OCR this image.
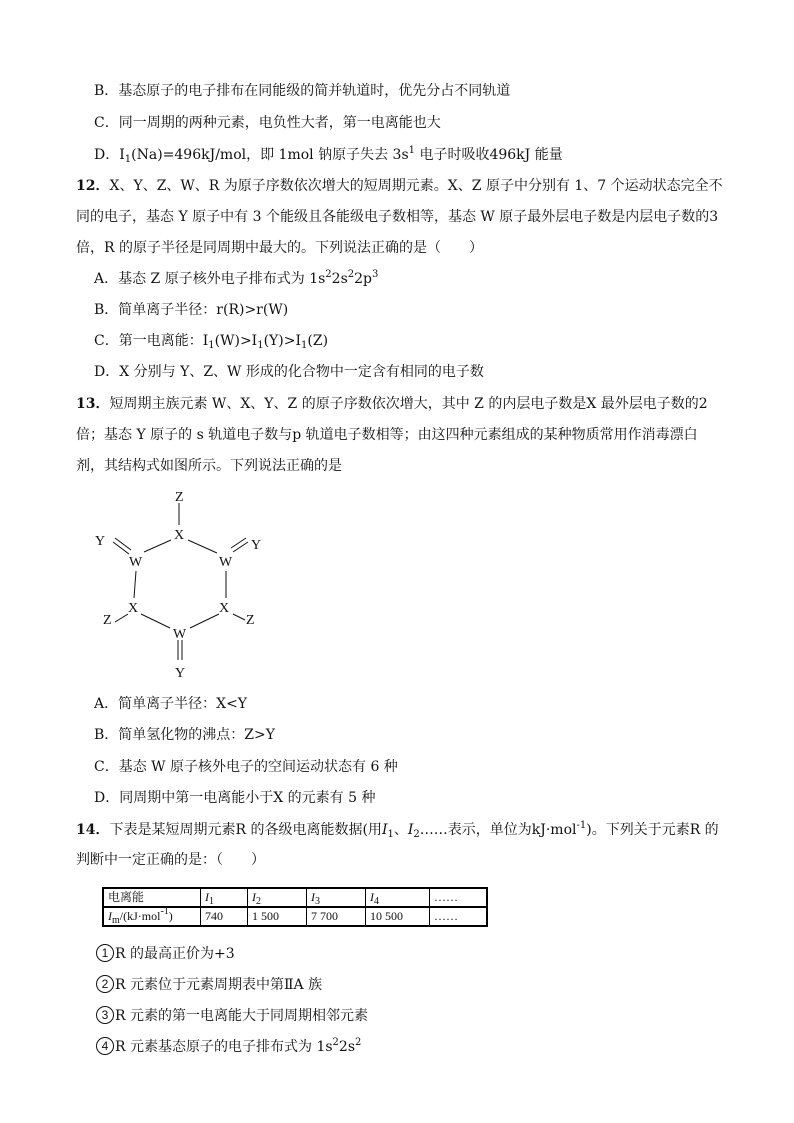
B．基态原子的电子排布在同能级的简并轨道时，优先分占不同轨道
C．同一周期的两种元素，电负性大者，第一电离能也大
D．$I_1(Na)=496kJ$/mol，即 1mol 钠原子失去 $3s^1$ 电子时吸收496kJ 能量
12．X、Y、Z、W、R 为原子序数依次增大的短周期元素。X、Z 原子中分别有 1、7 个运动状态完全不
同的电子，基态 Y 原子中有 3 个能级且各能级电子数相等，基态 W 原子最外层电子数是内层电子数的3
倍，R 的原子半径是同周期中最大的。下列说法正确的是（　　）
A．基态 Z 原子核外电子排布式为 $1s^22s^22p^3$
B．简单离子半径：r(R)>r(W)
C．第一电离能：$I_1(W)>I_1(Y)>I_1(Z)$
D．X 分别与 Y、Z、W 形成的化合物中一定含有相同的电子数
13．短周期主族元素 W、X、Y、Z 的原子序数依次增大，其中 Z 的内层电子数是X 最外层电子数的2
倍；基态 Y 原子的 s 轨道电子数与p 轨道电子数相等；由这四种元素组成的某种物质常用作消毒漂白
剂，其结构式如图所示。下列说法正确的是
Z
X
Y
W	W
Y
Z
X	X
Z
W
Y
A．简单离子半径：X<Y
B．简单氢化物的沸点：Z>Y
C．基态 W 原子核外电子的空间运动状态有 6 种
D．同周期中第一电离能小于X 的元素有 5 种
14．下表是某短周期元素R 的各级电离能数据(用$I_1$、$I_2\dots\dots$表示，单位为kJ·mol$^{-1}$)。下列关于元素R 的
判断中一定正确的是：（　　）
电离能	$I_1$	$I_2$	$I_3$	$I_4$	……
$I_m/(kJ\cdot mol^{-1})$	740	1 500	7 700	10 500	……
1 R 的最高正价为+3
2 R 元素位于元素周期表中第ⅡA 族
3 R 元素的第一电离能大于同周期相邻元素
4 R 元素基态原子的电子排布式为 $1s^22s^2$
